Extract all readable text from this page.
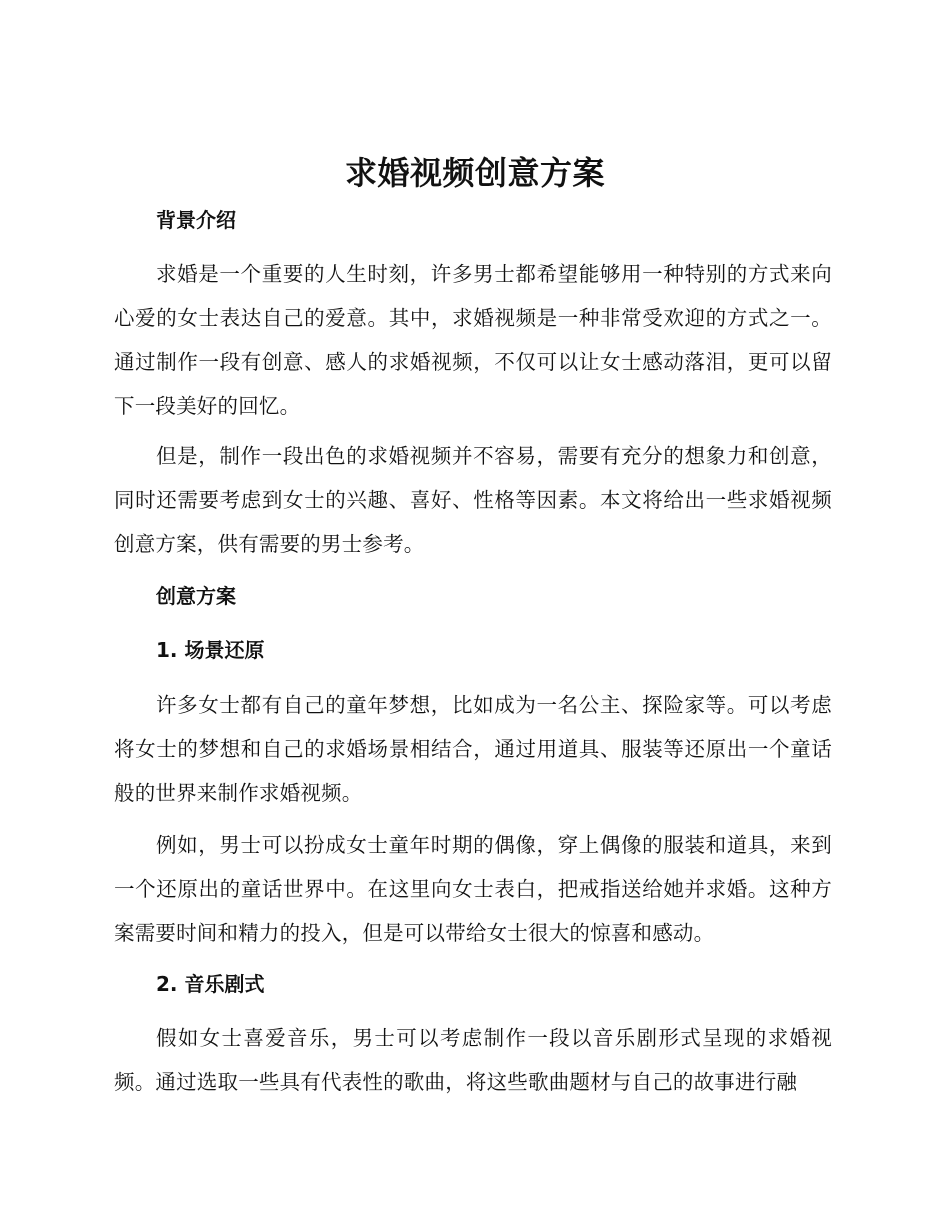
求婚视频创意方案
背景介绍
求婚是一个重要的人生时刻，许多男士都希望能够用一种特别的方式来向心爱的女士表达自己的爱意。其中，求婚视频是一种非常受欢迎的方式之一。通过制作一段有创意、感人的求婚视频，不仅可以让女士感动落泪，更可以留下一段美好的回忆。
但是，制作一段出色的求婚视频并不容易，需要有充分的想象力和创意，同时还需要考虑到女士的兴趣、喜好、性格等因素。本文将给出一些求婚视频创意方案，供有需要的男士参考。
创意方案
1. 场景还原
许多女士都有自己的童年梦想，比如成为一名公主、探险家等。可以考虑将女士的梦想和自己的求婚场景相结合，通过用道具、服装等还原出一个童话般的世界来制作求婚视频。
例如，男士可以扮成女士童年时期的偶像，穿上偶像的服装和道具，来到一个还原出的童话世界中。在这里向女士表白，把戒指送给她并求婚。这种方案需要时间和精力的投入，但是可以带给女士很大的惊喜和感动。
2. 音乐剧式
假如女士喜爱音乐，男士可以考虑制作一段以音乐剧形式呈现的求婚视频。通过选取一些具有代表性的歌曲，将这些歌曲题材与自己的故事进行融
